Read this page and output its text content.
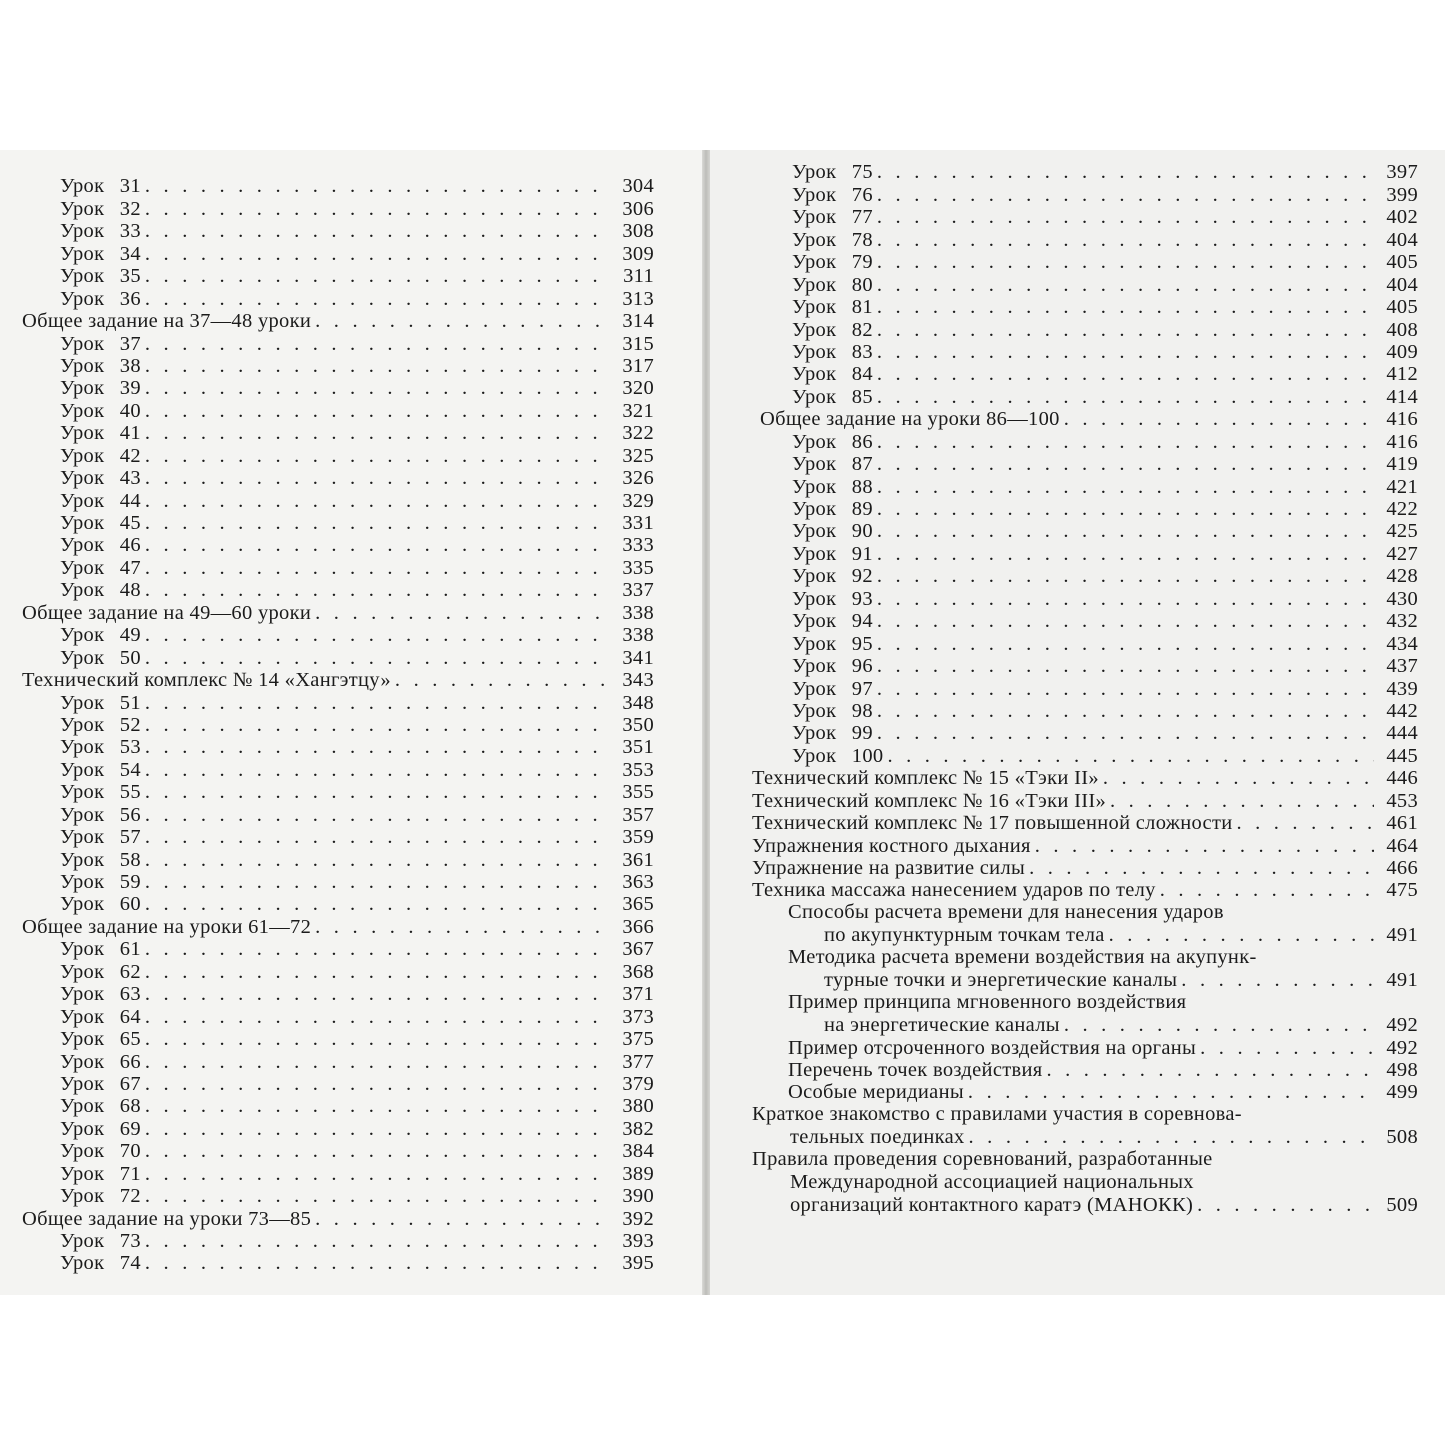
Урок 31 . . .	304
Урок 32 . . .	306
Урок 33 . . .	308
Урок 34 . . .	309
Урок 35 . . .	311
Урок 36 . . .	313
Общее задание на 37—48 уроки . . .	314
Урок 37 . . .	315
Урок 38 . . .	317
Урок 39 . . .	320
Урок 40 . . .	321
Урок 41 . . .	322
Урок 42 . . .	325
Урок 43 . . .	326
Урок 44 . . .	329
Урок 45 . . .	331
Урок 46 . . .	333
Урок 47 . . .	335
Урок 48 . . .	337
Общее задание на 49—60 уроки . . .	338
Урок 49 . . .	338
Урок 50 . . .	341
Технический комплекс № 14 «Хангэтцу» . . .	343
Урок 51 . . .	348
Урок 52 . . .	350
Урок 53 . . .	351
Урок 54 . . .	353
Урок 55 . . .	355
Урок 56 . . .	357
Урок 57 . . .	359
Урок 58 . . .	361
Урок 59 . . .	363
Урок 60 . . .	365
Общее задание на уроки 61—72 . . .	366
Урок 61 . . .	367
Урок 62 . . .	368
Урок 63 . . .	371
Урок 64 . . .	373
Урок 65 . . .	375
Урок 66 . . .	377
Урок 67 . . .	379
Урок 68 . . .	380
Урок 69 . . .	382
Урок 70 . . .	384
Урок 71 . . .	389
Урок 72 . . .	390
Общее задание на уроки 73—85 . . .	392
Урок 73 . . .	393
Урок 74 . . .	395
Урок 75 . . .	397
Урок 76 . . .	399
Урок 77 . . .	402
Урок 78 . . .	404
Урок 79 . . .	405
Урок 80 . . .	404
Урок 81 . . .	405
Урок 82 . . .	408
Урок 83 . . .	409
Урок 84 . . .	412
Урок 85 . . .	414
Общее задание на уроки 86—100 . . .	416
Урок 86 . . .	416
Урок 87 . . .	419
Урок 88 . . .	421
Урок 89 . . .	422
Урок 90 . . .	425
Урок 91 . . .	427
Урок 92 . . .	428
Урок 93 . . .	430
Урок 94 . . .	432
Урок 95 . . .	434
Урок 96 . . .	437
Урок 97 . . .	439
Урок 98 . . .	442
Урок 99 . . .	444
Урок 100 . . .	445
Технический комплекс № 15 «Тэки II» . . .	446
Технический комплекс № 16 «Тэки III» . . .	453
Технический комплекс № 17 повышенной сложности . . .	461
Упражнения костного дыхания . . .	464
Упражнение на развитие силы . . .	466
Техника массажа нанесением ударов по телу . . .	475
Способы расчета времени для нанесения ударов
по акупунктурным точкам тела . . .	491
Методика расчета времени воздействия на акупунк-
турные точки и энергетические каналы . . .	491
Пример принципа мгновенного воздействия
на энергетические каналы . . .	492
Пример отсроченного воздействия на органы . . .	492
Перечень точек воздействия . . .	498
Особые меридианы . . .	499
Краткое знакомство с правилами участия в соревнова-
тельных поединках . . .	508
Правила проведения соревнований, разработанные
Международной ассоциацией национальных
организаций контактного каратэ (МАНОКК) . . .	509
